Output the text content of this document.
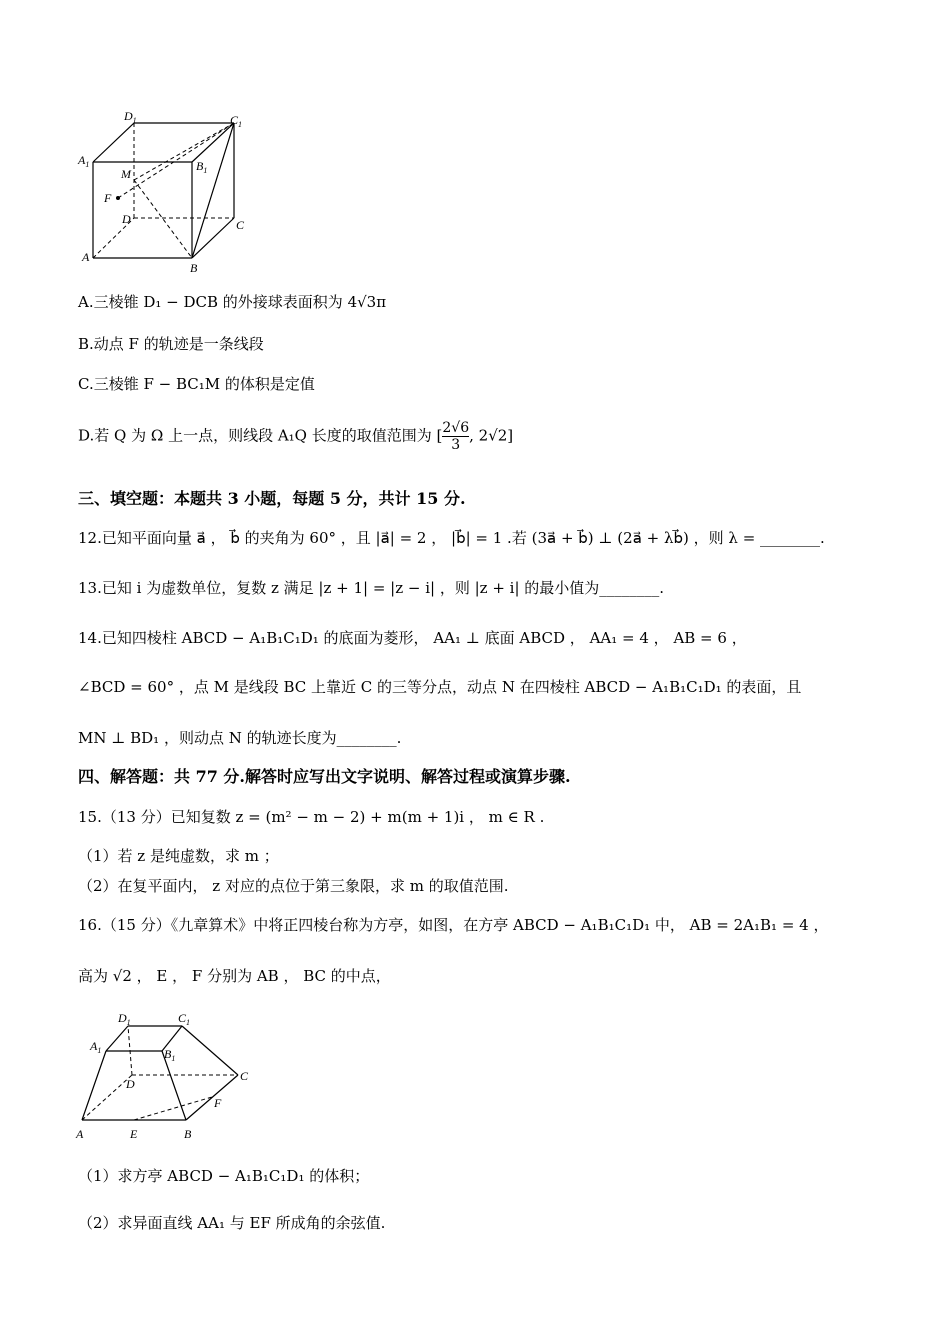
$D_1$	$C_1$
$A_1$	$B_1$
M
F
D	C
A
B
A.三棱锥 D₁ − DCB 的外接球表面积为 4√3π
B.动点 F 的轨迹是一条线段
C.三棱锥 F − BC₁M 的体积是定值
D.若 Q 为 Ω 上一点，则线段 A₁Q 长度的取值范围为 [ $\frac{2√6}{3}$ , 2√2]
三、填空题：本题共 3 小题，每题 5 分，共计 15 分.
12.已知平面向量 a⃗ ， b⃗ 的夹角为 60° ，且 |a⃗| = 2 ， |b⃗| = 1 .若 (3a⃗ + b⃗) ⊥ (2a⃗ + λb⃗) ，则 λ = ________.
13.已知 i 为虚数单位，复数 z 满足 |z + 1| = |z − i| ，则 |z + i| 的最小值为________.
14.已知四棱柱 ABCD − A₁B₁C₁D₁ 的底面为菱形， AA₁ ⊥ 底面 ABCD ， AA₁ = 4 ， AB = 6 ，
∠BCD = 60° ，点 M 是线段 BC 上靠近 C 的三等分点，动点 N 在四棱柱 ABCD − A₁B₁C₁D₁ 的表面，且
MN ⊥ BD₁ ，则动点 N 的轨迹长度为________.
四、解答题：共 77 分.解答时应写出文字说明、解答过程或演算步骤.
15.（13 分）已知复数 z = (m² − m − 2) + m(m + 1)i ， m ∈ R .
（1）若 z 是纯虚数，求 m ；
（2）在复平面内， z 对应的点位于第三象限，求 m 的取值范围.
16.（15 分）《九章算术》中将正四棱台称为方亭，如图，在方亭 ABCD − A₁B₁C₁D₁ 中， AB = 2A₁B₁ = 4 ，
高为 √2 ， E ， F 分别为 AB ， BC 的中点，
$D_1$	$C_1$
$A_1$	$B_1$
D
C
F
A	E	B
（1）求方亭 ABCD − A₁B₁C₁D₁ 的体积；
（2）求异面直线 AA₁ 与 EF 所成角的余弦值.
